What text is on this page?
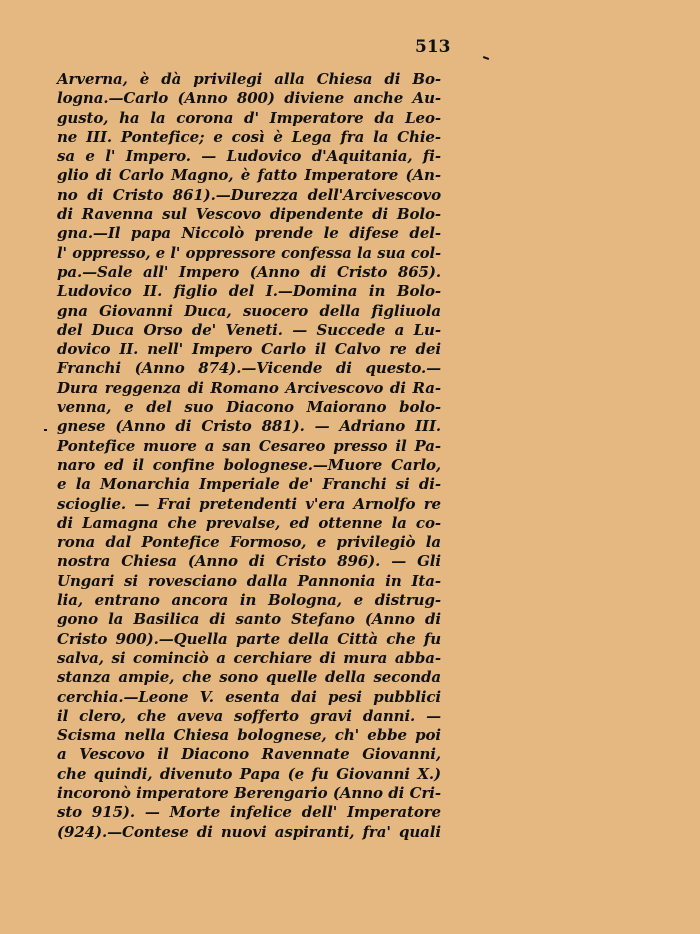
513
Arverna, è dà privilegi alla Chiesa di Bo-
logna.—Carlo (Anno 800) diviene anche Au-
gusto, ha la corona d' Imperatore da Leo-
ne III. Pontefice; e così è Lega fra la Chie-
sa e l' Impero. — Ludovico d'Aquitania, fi-
glio di Carlo Magno, è fatto Imperatore (An-
no di Cristo 861).—Durezza dell'Arcivescovo
di Ravenna sul Vescovo dipendente di Bolo-
gna.—Il papa Niccolò prende le difese del-
l' oppresso, e l' oppressore confessa la sua col-
pa.—Sale all' Impero (Anno di Cristo 865).
Ludovico II. figlio del I.—Domina in Bolo-
gna Giovanni Duca, suocero della figliuola
del Duca Orso de' Veneti. — Succede a Lu-
dovico II. nell' Impero Carlo il Calvo re dei
Franchi (Anno 874).—Vicende di questo.—
Dura reggenza di Romano Arcivescovo di Ra-
venna, e del suo Diacono Maiorano bolo-
gnese (Anno di Cristo 881). — Adriano III.
Pontefice muore a san Cesareo presso il Pa-
naro ed il confine bolognese.—Muore Carlo,
e la Monarchia Imperiale de' Franchi si di-
scioglie. — Frai pretendenti v'era Arnolfo re
di Lamagna che prevalse, ed ottenne la co-
rona dal Pontefice Formoso, e privilegiò la
nostra Chiesa (Anno di Cristo 896). — Gli
Ungari si rovesciano dalla Pannonia in Ita-
lia, entrano ancora in Bologna, e distrug-
gono la Basilica di santo Stefano (Anno di
Cristo 900).—Quella parte della Città che fu
salva, si cominciò a cerchiare di mura abba-
stanza ampie, che sono quelle della seconda
cerchia.—Leone V. esenta dai pesi pubblici
il clero, che aveva sofferto gravi danni. —
Scisma nella Chiesa bolognese, ch' ebbe poi
a Vescovo il Diacono Ravennate Giovanni,
che quindi, divenuto Papa (e fu Giovanni X.)
incoronò imperatore Berengario (Anno di Cri-
sto 915). — Morte infelice dell' Imperatore
(924).—Contese di nuovi aspiranti, fra' quali
